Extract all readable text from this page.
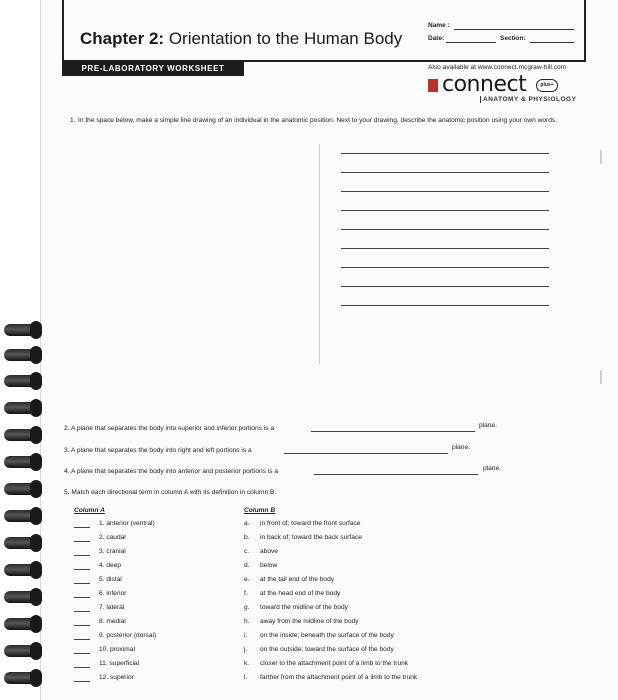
Chapter 2: Orientation to the Human Body
Name :
Date:	Section:
PRE-LABORATORY WORKSHEET	Also available at www.connect.mcgraw-hill.com
connect	plus+
ANATOMY & PHYSIOLOGY
1. In the space below, make a simple line drawing of an individual in the anatomic position. Next to your drawing, describe the anatomic position using your own words.
2. A plane that separates the body into superior and inferior portions is a	plane.
3. A plane that separates the body into right and left portions is a	plane.
4. A plane that separates the body into anterior and posterior portions is a	plane.
5. Match each directional term in column A with its definition in column B.
Column A	Column B
1. anterior (ventral)	a. in front of; toward the front surface
2. caudal	b. in back of; toward the back surface
3. cranial	c. above
4. deep	d. below
5. distal	e. at the tail end of the body
6. inferior	f. at the head end of the body
7. lateral	g. toward the midline of the body
8. medial	h. away from the midline of the body
9. posterior (dorsal)	i. on the inside; beneath the surface of the body
10. proximal	j. on the outside; toward the surface of the body
11. superficial	k. closer to the attachment point of a limb to the trunk
12. superior	l. farther from the attachment point of a limb to the trunk
